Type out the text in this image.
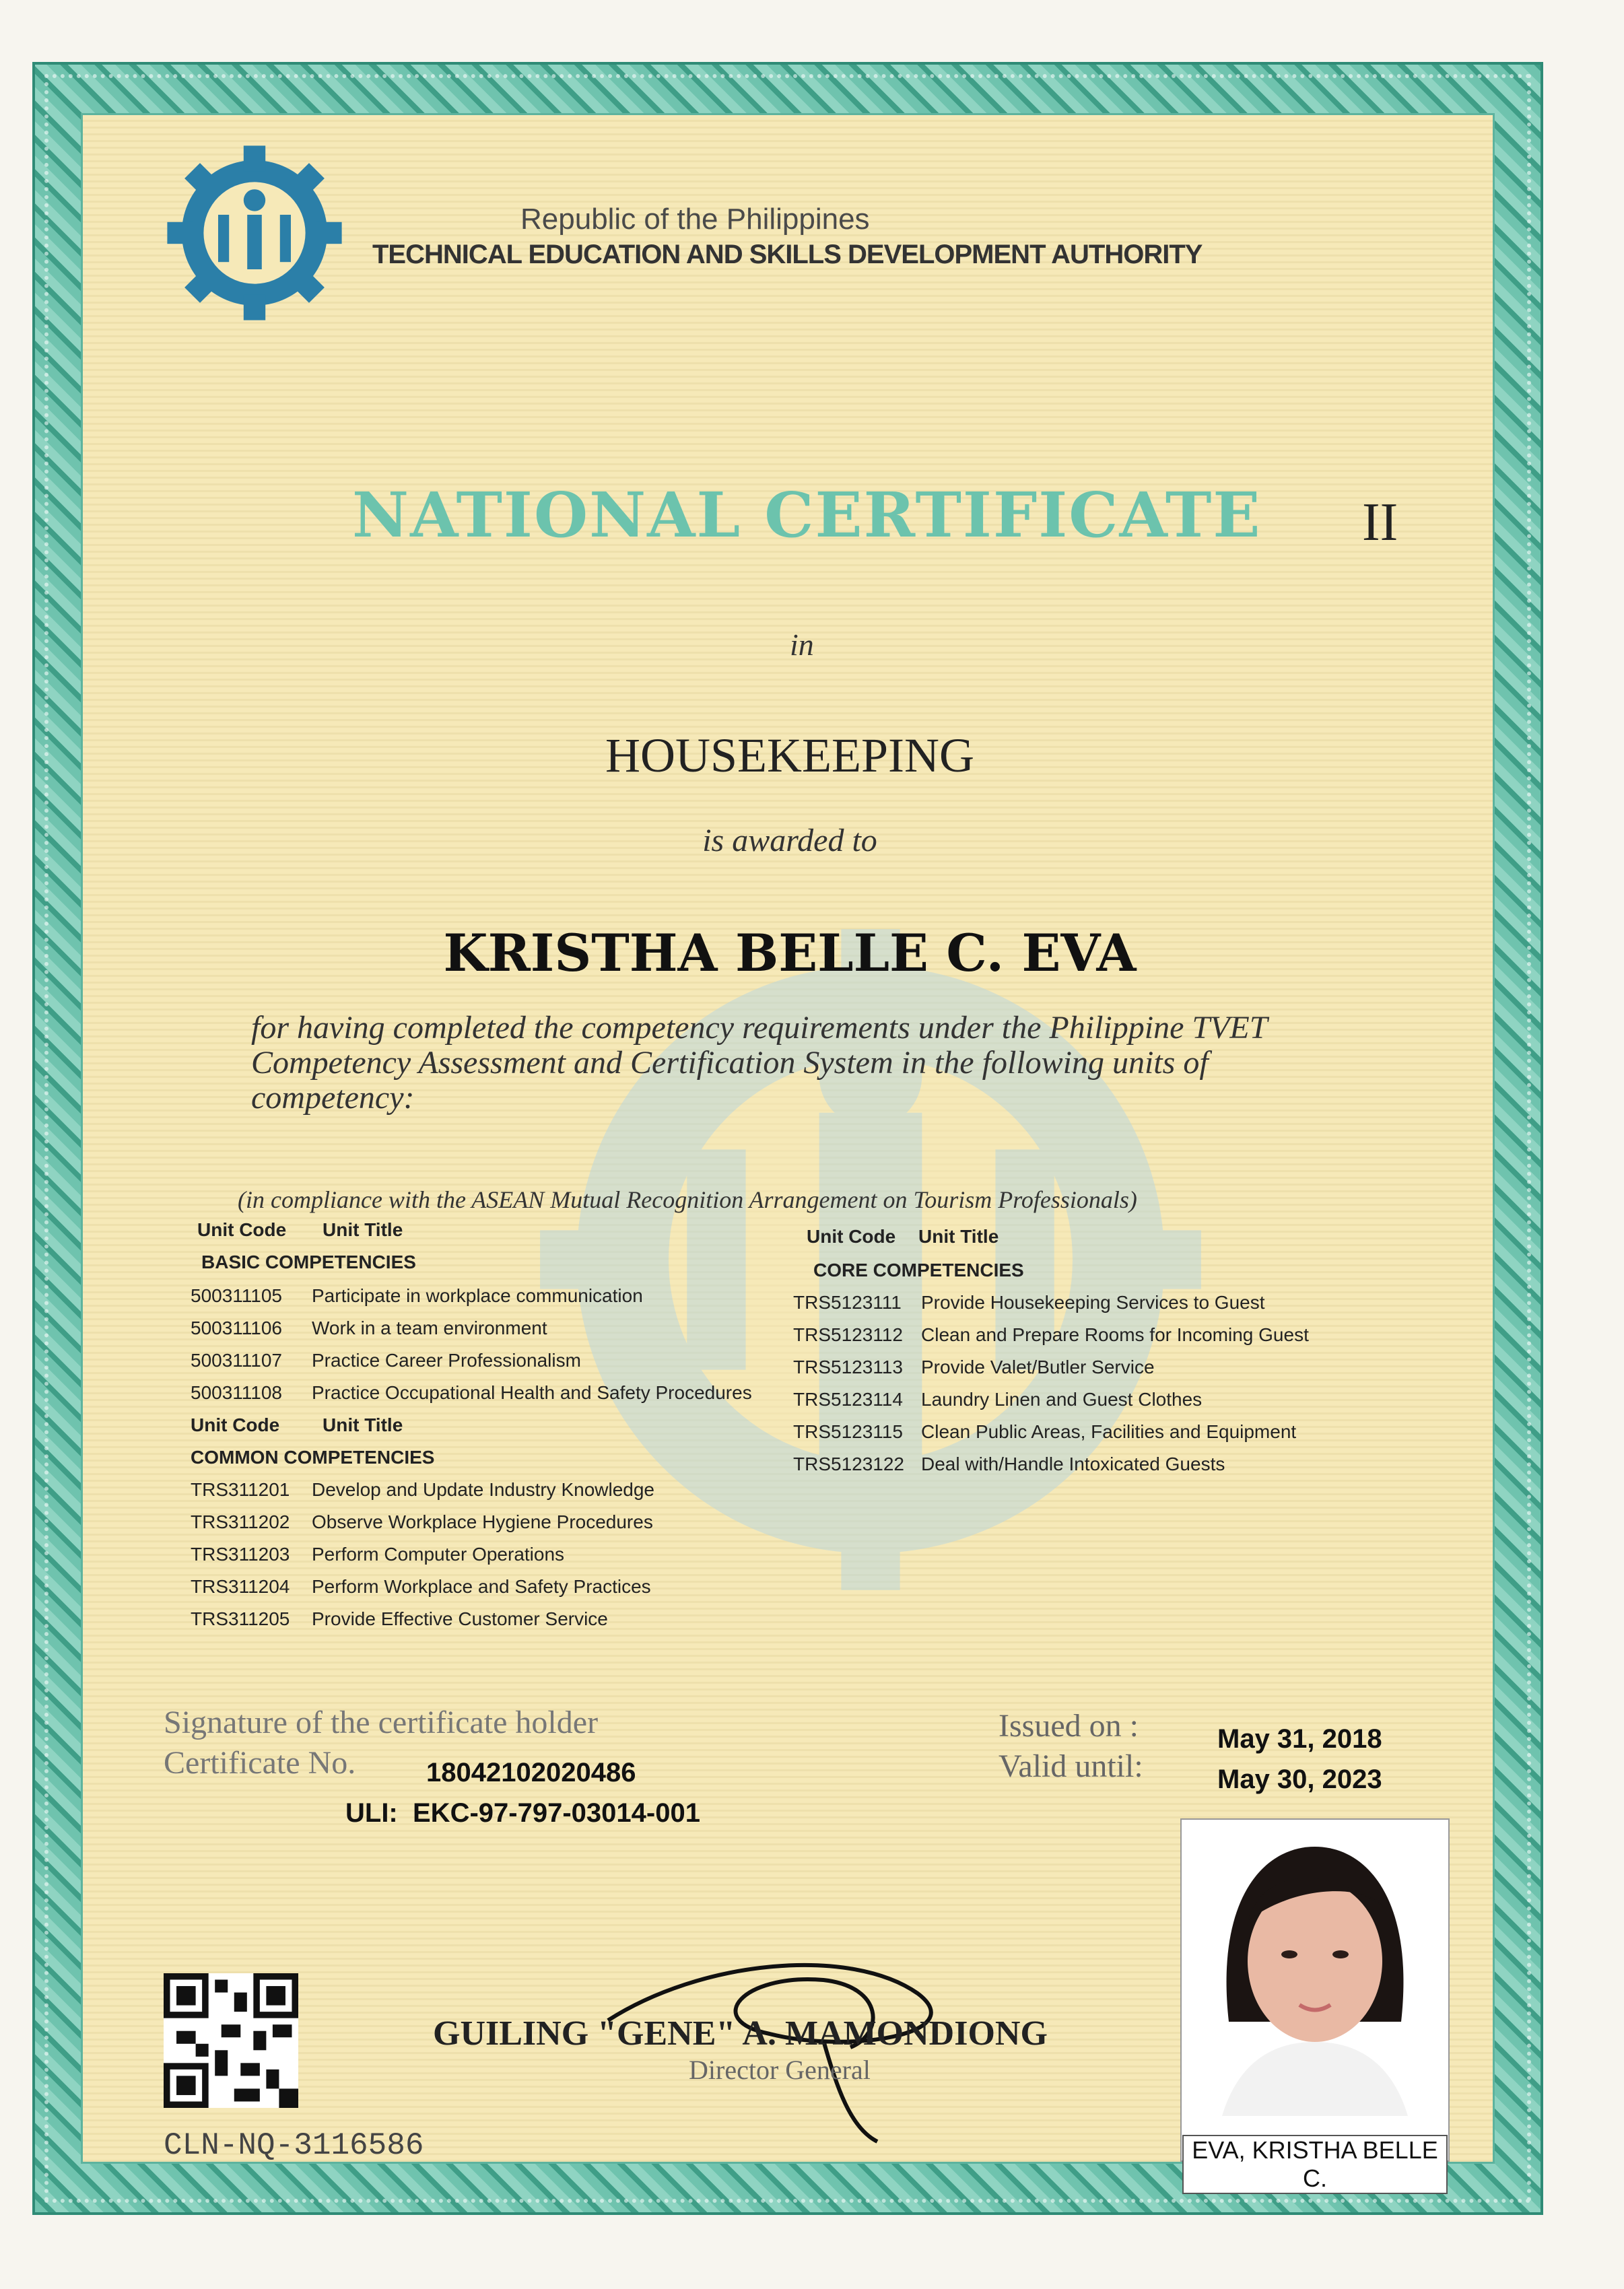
Republic of the Philippines
TECHNICAL EDUCATION AND SKILLS DEVELOPMENT AUTHORITY
NATIONAL CERTIFICATE II
in
HOUSEKEEPING
is awarded to
KRISTHA BELLE C. EVA
for having completed the competency requirements under the Philippine TVET Competency Assessment and Certification System in the following units of competency:
(in compliance with the ASEAN Mutual Recognition Arrangement on Tourism Professionals)
Unit Code Unit Title
BASIC COMPETENCIES
500311105 Participate in workplace communication
500311106 Work in a team environment
500311107 Practice Career Professionalism
500311108 Practice Occupational Health and Safety Procedures
Unit Code Unit Title
COMMON COMPETENCIES
TRS311201 Develop and Update Industry Knowledge
TRS311202 Observe Workplace Hygiene Procedures
TRS311203 Perform Computer Operations
TRS311204 Perform Workplace and Safety Practices
TRS311205 Provide Effective Customer Service
Unit Code Unit Title
CORE COMPETENCIES
TRS5123111 Provide Housekeeping Services to Guest
TRS5123112 Clean and Prepare Rooms for Incoming Guest
TRS5123113 Provide Valet/Butler Service
TRS5123114 Laundry Linen and Guest Clothes
TRS5123115 Clean Public Areas, Facilities and Equipment
TRS5123122 Deal with/Handle Intoxicated Guests
Signature of the certificate holder
Certificate No.	18042102020486
ULI: EKC-97-797-03014-001
Issued on :	May 31, 2018
Valid until:	May 30, 2023
GUILING "GENE" A. MAMONDIONG
Director General
CLN-NQ-3116586	EVA, KRISTHA BELLE C.
